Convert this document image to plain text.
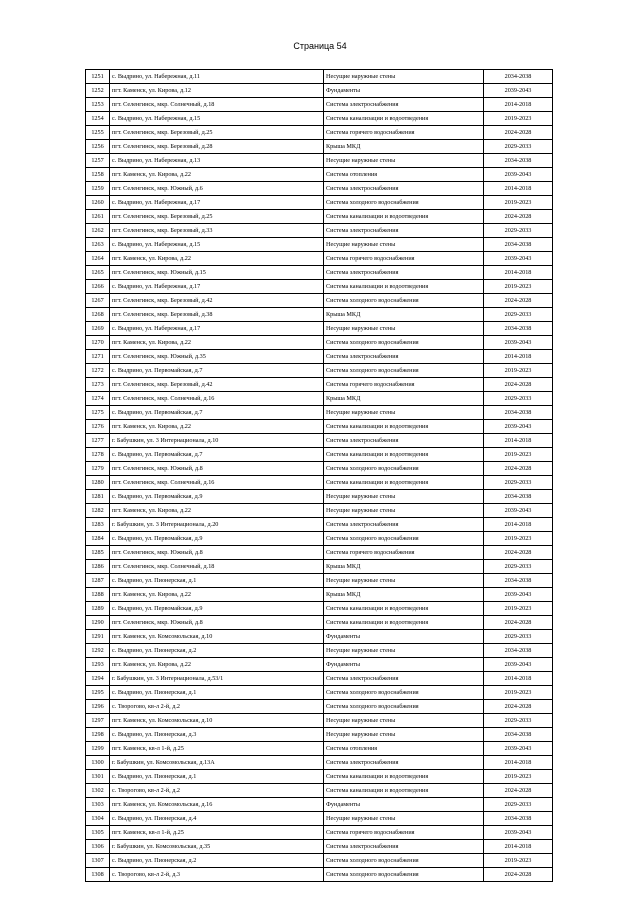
Страница 54
1251	с. Выдрино, ул. Набережная, д.11	Несущие наружные стены	2034-2038
1252	пгт. Каменск, ул. Кирова, д.12	Фундаменты	2039-2043
1253	пгт. Селенгинск, мкр. Солнечный, д.18	Система электроснабжения	2014-2018
1254	с. Выдрино, ул. Набережная, д.15	Система канализации и водоотведения	2019-2023
1255	пгт. Селенгинск, мкр. Березовый, д.25	Система горячего водоснабжения	2024-2028
1256	пгт. Селенгинск, мкр. Березовый, д.28	Крыша МКД	2029-2033
1257	с. Выдрино, ул. Набережная, д.13	Несущие наружные стены	2034-2038
1258	пгт. Каменск, ул. Кирова, д.22	Система отопления	2039-2043
1259	пгт. Селенгинск, мкр. Южный, д.6	Система электроснабжения	2014-2018
1260	с. Выдрино, ул. Набережная, д.17	Система холодного водоснабжения	2019-2023
1261	пгт. Селенгинск, мкр. Березовый, д.25	Система канализации и водоотведения	2024-2028
1262	пгт. Селенгинск, мкр. Березовый, д.33	Система электроснабжения	2029-2033
1263	с. Выдрино, ул. Набережная, д.15	Несущие наружные стены	2034-2038
1264	пгт. Каменск, ул. Кирова, д.22	Система горячего водоснабжения	2039-2043
1265	пгт. Селенгинск, мкр. Южный, д.15	Система электроснабжения	2014-2018
1266	с. Выдрино, ул. Набережная, д.17	Система канализации и водоотведения	2019-2023
1267	пгт. Селенгинск, мкр. Березовый, д.42	Система холодного водоснабжения	2024-2028
1268	пгт. Селенгинск, мкр. Березовый, д.38	Крыша МКД	2029-2033
1269	с. Выдрино, ул. Набережная, д.17	Несущие наружные стены	2034-2038
1270	пгт. Каменск, ул. Кирова, д.22	Система холодного водоснабжения	2039-2043
1271	пгт. Селенгинск, мкр. Южный, д.35	Система электроснабжения	2014-2018
1272	с. Выдрино, ул. Первомайская, д.7	Система холодного водоснабжения	2019-2023
1273	пгт. Селенгинск, мкр. Березовый, д.42	Система горячего водоснабжения	2024-2028
1274	пгт. Селенгинск, мкр. Солнечный, д.16	Крыша МКД	2029-2033
1275	с. Выдрино, ул. Первомайская, д.7	Несущие наружные стены	2034-2038
1276	пгт. Каменск, ул. Кирова, д.22	Система канализации и водоотведения	2039-2043
1277	г. Бабушкин, ул. 3 Интернационала, д.10	Система электроснабжения	2014-2018
1278	с. Выдрино, ул. Первомайская, д.7	Система канализации и водоотведения	2019-2023
1279	пгт. Селенгинск, мкр. Южный, д.8	Система холодного водоснабжения	2024-2028
1280	пгт. Селенгинск, мкр. Солнечный, д.16	Система канализации и водоотведения	2029-2033
1281	с. Выдрино, ул. Первомайская, д.9	Несущие наружные стены	2034-2038
1282	пгт. Каменск, ул. Кирова, д.22	Несущие наружные стены	2039-2043
1283	г. Бабушкин, ул. 3 Интернационала, д.20	Система электроснабжения	2014-2018
1284	с. Выдрино, ул. Первомайская, д.9	Система холодного водоснабжения	2019-2023
1285	пгт. Селенгинск, мкр. Южный, д.8	Система горячего водоснабжения	2024-2028
1286	пгт. Селенгинск, мкр. Солнечный, д.18	Крыша МКД	2029-2033
1287	с. Выдрино, ул. Пионерская, д.1	Несущие наружные стены	2034-2038
1288	пгт. Каменск, ул. Кирова, д.22	Крыша МКД	2039-2043
1289	с. Выдрино, ул. Первомайская, д.9	Система канализации и водоотведения	2019-2023
1290	пгт. Селенгинск, мкр. Южный, д.8	Система канализации и водоотведения	2024-2028
1291	пгт. Каменск, ул. Комсомольская, д.10	Фундаменты	2029-2033
1292	с. Выдрино, ул. Пионерская, д.2	Несущие наружные стены	2034-2038
1293	пгт. Каменск, ул. Кирова, д.22	Фундаменты	2039-2043
1294	г. Бабушкин, ул. 3 Интернационала, д.53/1	Система электроснабжения	2014-2018
1295	с. Выдрино, ул. Пионерская, д.1	Система холодного водоснабжения	2019-2023
1296	с. Творогово, кв-л 2-й, д.2	Система холодного водоснабжения	2024-2028
1297	пгт. Каменск, ул. Комсомольская, д.10	Несущие наружные стены	2029-2033
1298	с. Выдрино, ул. Пионерская, д.3	Несущие наружные стены	2034-2038
1299	пгт. Каменск, кв-л 1-й, д.25	Система отопления	2039-2043
1300	г. Бабушкин, ул. Комсомольская, д.13А	Система электроснабжения	2014-2018
1301	с. Выдрино, ул. Пионерская, д.1	Система канализации и водоотведения	2019-2023
1302	с. Творогово, кв-л 2-й, д.2	Система канализации и водоотведения	2024-2028
1303	пгт. Каменск, ул. Комсомольская, д.16	Фундаменты	2029-2033
1304	с. Выдрино, ул. Пионерская, д.4	Несущие наружные стены	2034-2038
1305	пгт. Каменск, кв-л 1-й, д.25	Система горячего водоснабжения	2039-2043
1306	г. Бабушкин, ул. Комсомольская, д.35	Система электроснабжения	2014-2018
1307	с. Выдрино, ул. Пионерская, д.2	Система холодного водоснабжения	2019-2023
1308	с. Творогово, кв-л 2-й, д.3	Система холодного водоснабжения	2024-2028
